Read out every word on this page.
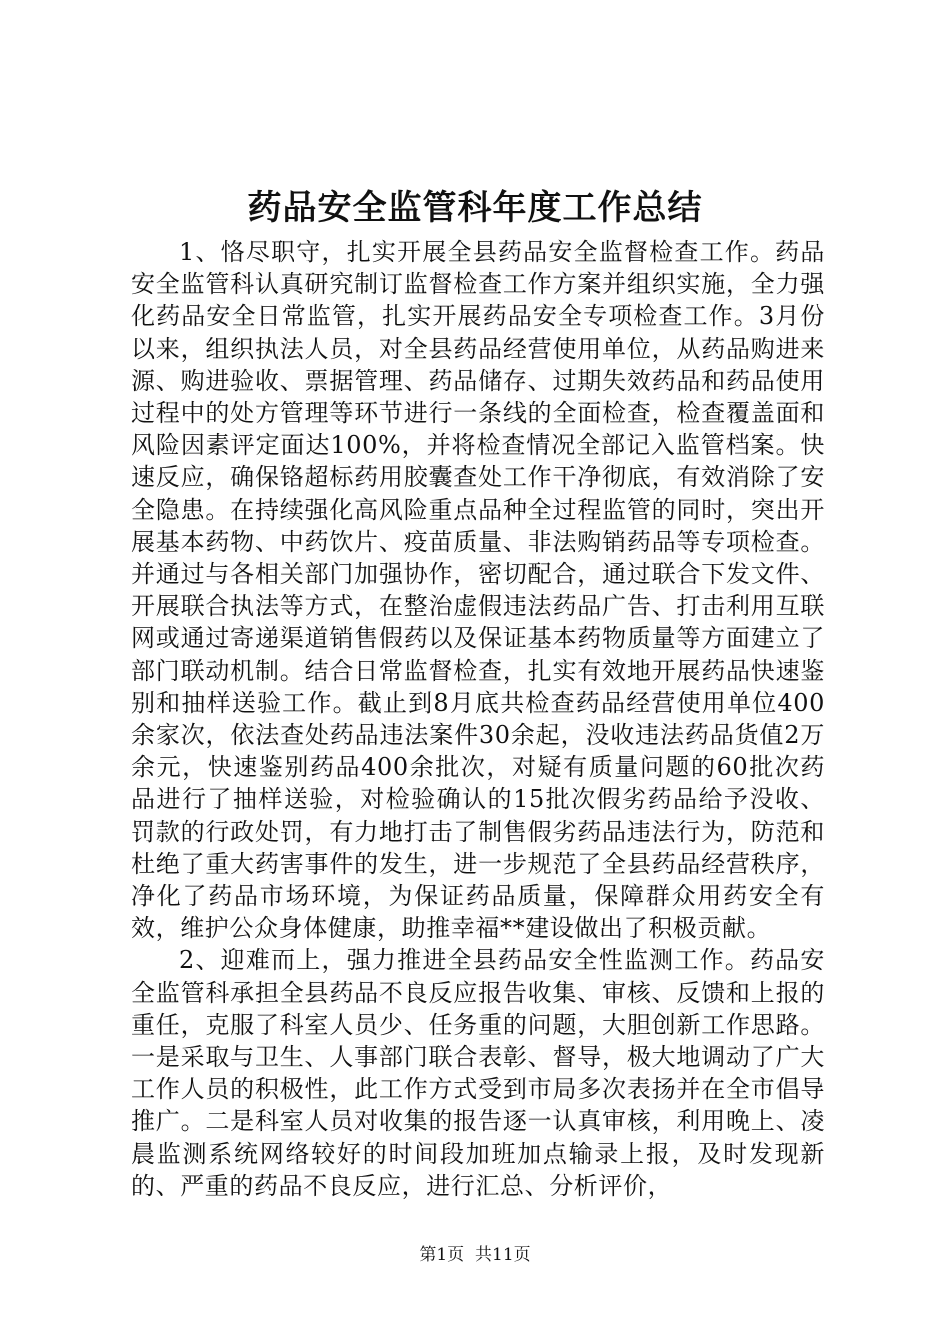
药品安全监管科年度工作总结

1、恪尽职守，扎实开展全县药品安全监督检查工作。药品安全监管科认真研究制订监督检查工作方案并组织实施，全力强化药品安全日常监管，扎实开展药品安全专项检查工作。3月份以来，组织执法人员，对全县药品经营使用单位，从药品购进来源、购进验收、票据管理、药品储存、过期失效药品和药品使用过程中的处方管理等环节进行一条线的全面检查，检查覆盖面和风险因素评定面达100%，并将检查情况全部记入监管档案。快速反应，确保铬超标药用胶囊查处工作干净彻底，有效消除了安全隐患。在持续强化高风险重点品种全过程监管的同时，突出开展基本药物、中药饮片、疫苗质量、非法购销药品等专项检查。并通过与各相关部门加强协作，密切配合，通过联合下发文件、开展联合执法等方式，在整治虚假违法药品广告、打击利用互联网或通过寄递渠道销售假药以及保证基本药物质量等方面建立了部门联动机制。结合日常监督检查，扎实有效地开展药品快速鉴别和抽样送验工作。截止到8月底共检查药品经营使用单位400余家次，依法查处药品违法案件30余起，没收违法药品货值2万余元，快速鉴别药品400余批次，对疑有质量问题的60批次药品进行了抽样送验，对检验确认的15批次假劣药品给予没收、罚款的行政处罚，有力地打击了制售假劣药品违法行为，防范和杜绝了重大药害事件的发生，进一步规范了全县药品经营秩序，净化了药品市场环境，为保证药品质量，保障群众用药安全有效，维护公众身体健康，助推幸福**建设做出了积极贡献。

2、迎难而上，强力推进全县药品安全性监测工作。药品安全监管科承担全县药品不良反应报告收集、审核、反馈和上报的重任，克服了科室人员少、任务重的问题，大胆创新工作思路。一是采取与卫生、人事部门联合表彰、督导，极大地调动了广大工作人员的积极性，此工作方式受到市局多次表扬并在全市倡导推广。二是科室人员对收集的报告逐一认真审核，利用晚上、凌晨监测系统网络较好的时间段加班加点输录上报，及时发现新的、严重的药品不良反应，进行汇总、分析评价，

第1页 共11页
